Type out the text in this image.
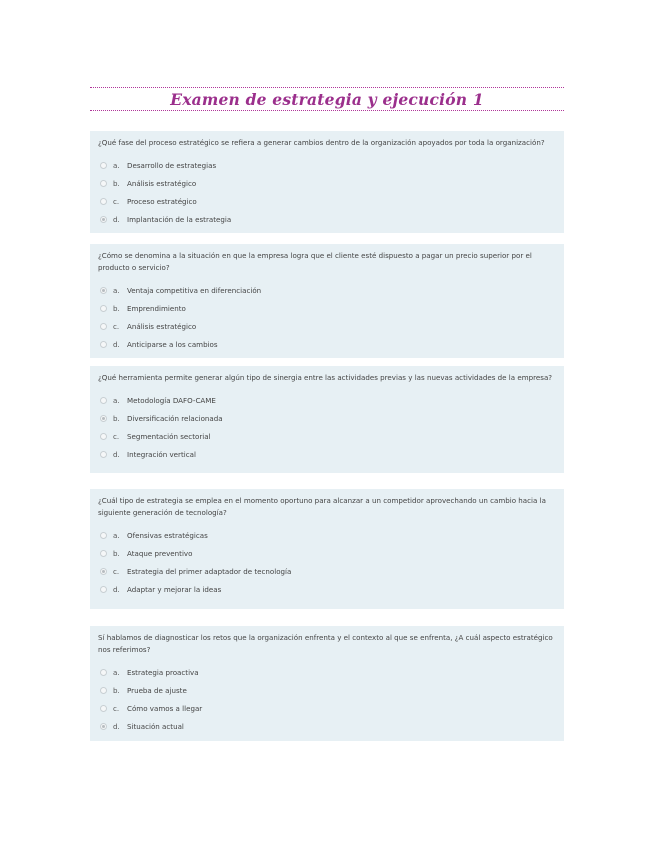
Examen de estrategia y ejecución 1
¿Qué fase del proceso estratégico se refiera a generar cambios dentro de la organización apoyados por toda la organización?
a.	Desarrollo de estrategias
b.	Análisis estratégico
c.	Proceso estratégico
d.	Implantación de la estrategia
¿Cómo se denomina a la situación en que la empresa logra que el cliente esté dispuesto a pagar un precio superior por el producto o servicio?
a.	Ventaja competitiva en diferenciación
b.	Emprendimiento
c.	Análisis estratégico
d.	Anticiparse a los cambios
¿Qué herramienta permite generar algún tipo de sinergia entre las actividades previas y las nuevas actividades de la empresa?
a.	Metodología DAFO-CAME
b.	Diversificación relacionada
c.	Segmentación sectorial
d.	Integración vertical
¿Cuál tipo de estrategia se emplea en el momento oportuno para alcanzar a un competidor aprovechando un cambio hacia la siguiente generación de tecnología?
a.	Ofensivas estratégicas
b.	Ataque preventivo
c.	Estrategia del primer adaptador de tecnología
d.	Adaptar y mejorar la ideas
Sí hablamos de diagnosticar los retos que la organización enfrenta y el contexto al que se enfrenta, ¿A cuál aspecto estratégico nos referimos?
a.	Estrategia proactiva
b.	Prueba de ajuste
c.	Cómo vamos a llegar
d.	Situación actual
